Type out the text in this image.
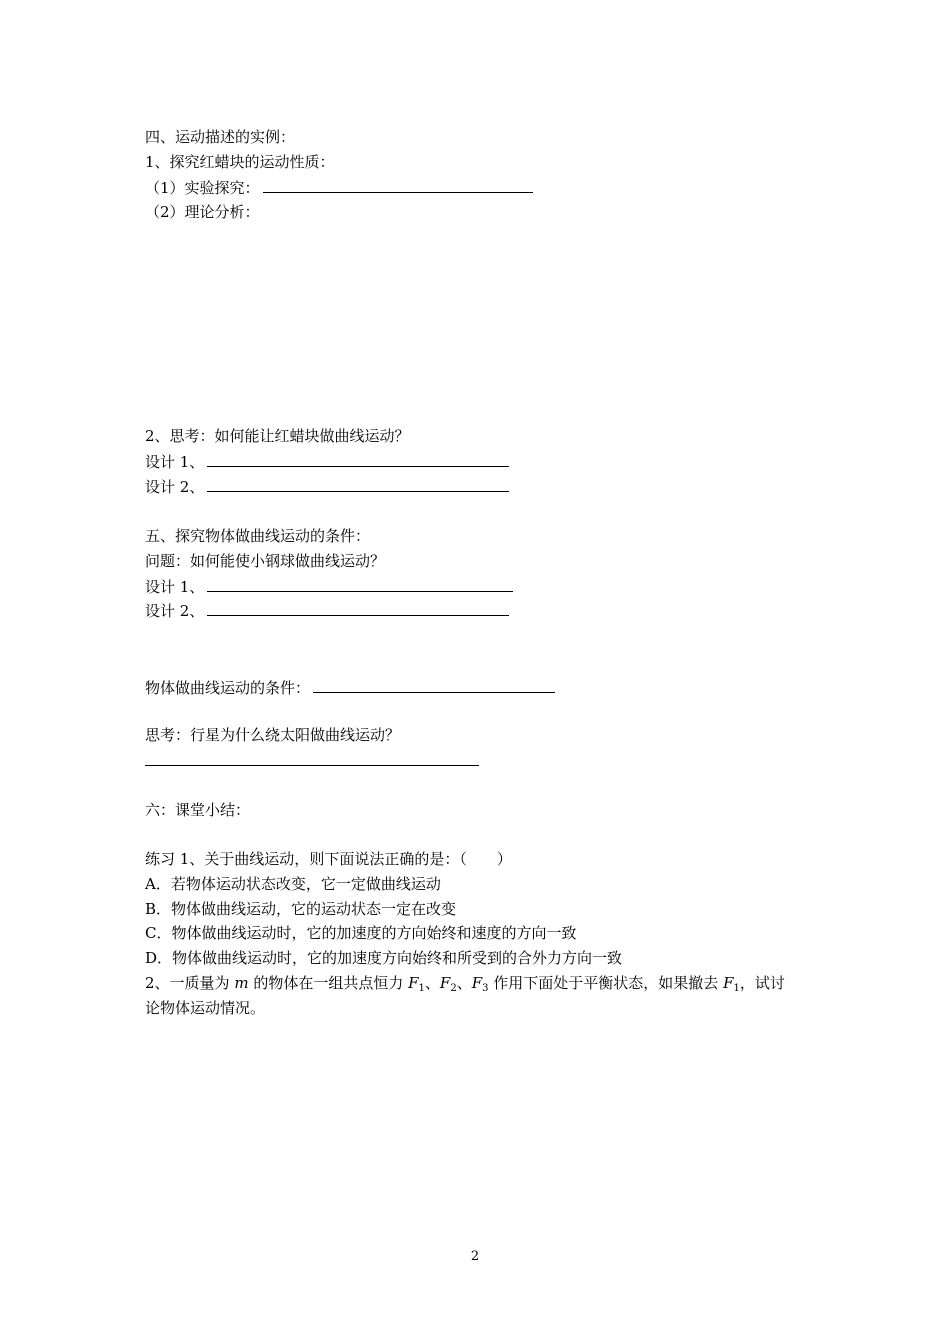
四、运动描述的实例：
1、探究红蜡块的运动性质：
（1）实验探究：
（2）理论分析：
2、思考：如何能让红蜡块做曲线运动？
设计 1、
设计 2、
五、探究物体做曲线运动的条件：
问题：如何能使小钢球做曲线运动？
设计 1、
设计 2、
物体做曲线运动的条件：
思考：行星为什么绕太阳做曲线运动？
六：课堂小结：
练习 1、关于曲线运动，则下面说法正确的是：（　　）
A．若物体运动状态改变，它一定做曲线运动
B．物体做曲线运动，它的运动状态一定在改变
C．物体做曲线运动时，它的加速度的方向始终和速度的方向一致
D．物体做曲线运动时，它的加速度方向始终和所受到的合外力方向一致
2、一质量为 m 的物体在一组共点恒力 $F_1$、$F_2$、$F_3$ 作用下面处于平衡状态，如果撤去 $F_1$，试讨
论物体运动情况。
2
